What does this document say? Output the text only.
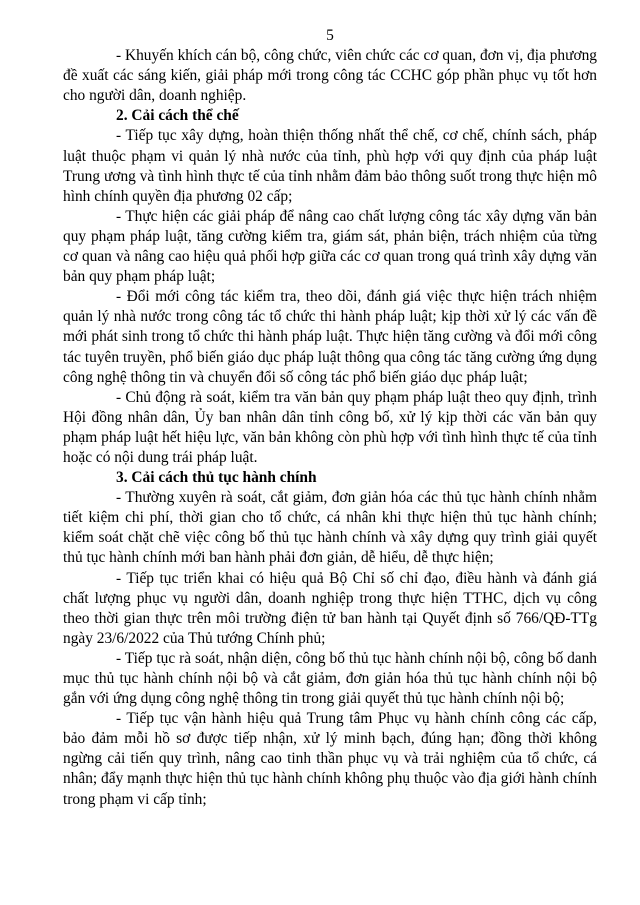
5

- Khuyến khích cán bộ, công chức, viên chức các cơ quan, đơn vị, địa phương đề xuất các sáng kiến, giải pháp mới trong công tác CCHC góp phần phục vụ tốt hơn cho người dân, doanh nghiệp.

2. Cải cách thể chế

- Tiếp tục xây dựng, hoàn thiện thống nhất thể chế, cơ chế, chính sách, pháp luật thuộc phạm vi quản lý nhà nước của tỉnh, phù hợp với quy định của pháp luật Trung ương và tình hình thực tế của tỉnh nhằm đảm bảo thông suốt trong thực hiện mô hình chính quyền địa phương 02 cấp;

- Thực hiện các giải pháp để nâng cao chất lượng công tác xây dựng văn bản quy phạm pháp luật, tăng cường kiểm tra, giám sát, phản biện, trách nhiệm của từng cơ quan và nâng cao hiệu quả phối hợp giữa các cơ quan trong quá trình xây dựng văn bản quy phạm pháp luật;

- Đổi mới công tác kiểm tra, theo dõi, đánh giá việc thực hiện trách nhiệm quản lý nhà nước trong công tác tổ chức thi hành pháp luật; kịp thời xử lý các vấn đề mới phát sinh trong tổ chức thi hành pháp luật. Thực hiện tăng cường và đổi mới công tác tuyên truyền, phổ biến giáo dục pháp luật thông qua công tác tăng cường ứng dụng công nghệ thông tin và chuyển đổi số công tác phổ biến giáo dục pháp luật;

- Chủ động rà soát, kiểm tra văn bản quy phạm pháp luật theo quy định, trình Hội đồng nhân dân, Ủy ban nhân dân tỉnh công bố, xử lý kịp thời các văn bản quy phạm pháp luật hết hiệu lực, văn bản không còn phù hợp với tình hình thực tế của tỉnh hoặc có nội dung trái pháp luật.

3. Cải cách thủ tục hành chính

- Thường xuyên rà soát, cắt giảm, đơn giản hóa các thủ tục hành chính nhằm tiết kiệm chi phí, thời gian cho tổ chức, cá nhân khi thực hiện thủ tục hành chính; kiểm soát chặt chẽ việc công bố thủ tục hành chính và xây dựng quy trình giải quyết thủ tục hành chính mới ban hành phải đơn giản, dễ hiểu, dễ thực hiện;

- Tiếp tục triển khai có hiệu quả Bộ Chỉ số chỉ đạo, điều hành và đánh giá chất lượng phục vụ người dân, doanh nghiệp trong thực hiện TTHC, dịch vụ công theo thời gian thực trên môi trường điện tử ban hành tại Quyết định số 766/QĐ-TTg ngày 23/6/2022 của Thủ tướng Chính phủ;

- Tiếp tục rà soát, nhận diện, công bố thủ tục hành chính nội bộ, công bố danh mục thủ tục hành chính nội bộ và cắt giảm, đơn giản hóa thủ tục hành chính nội bộ gắn với ứng dụng công nghệ thông tin trong giải quyết thủ tục hành chính nội bộ;

- Tiếp tục vận hành hiệu quả Trung tâm Phục vụ hành chính công các cấp, bảo đảm mỗi hồ sơ được tiếp nhận, xử lý minh bạch, đúng hạn; đồng thời không ngừng cải tiến quy trình, nâng cao tinh thần phục vụ và trải nghiệm của tổ chức, cá nhân; đẩy mạnh thực hiện thủ tục hành chính không phụ thuộc vào địa giới hành chính trong phạm vi cấp tỉnh;
